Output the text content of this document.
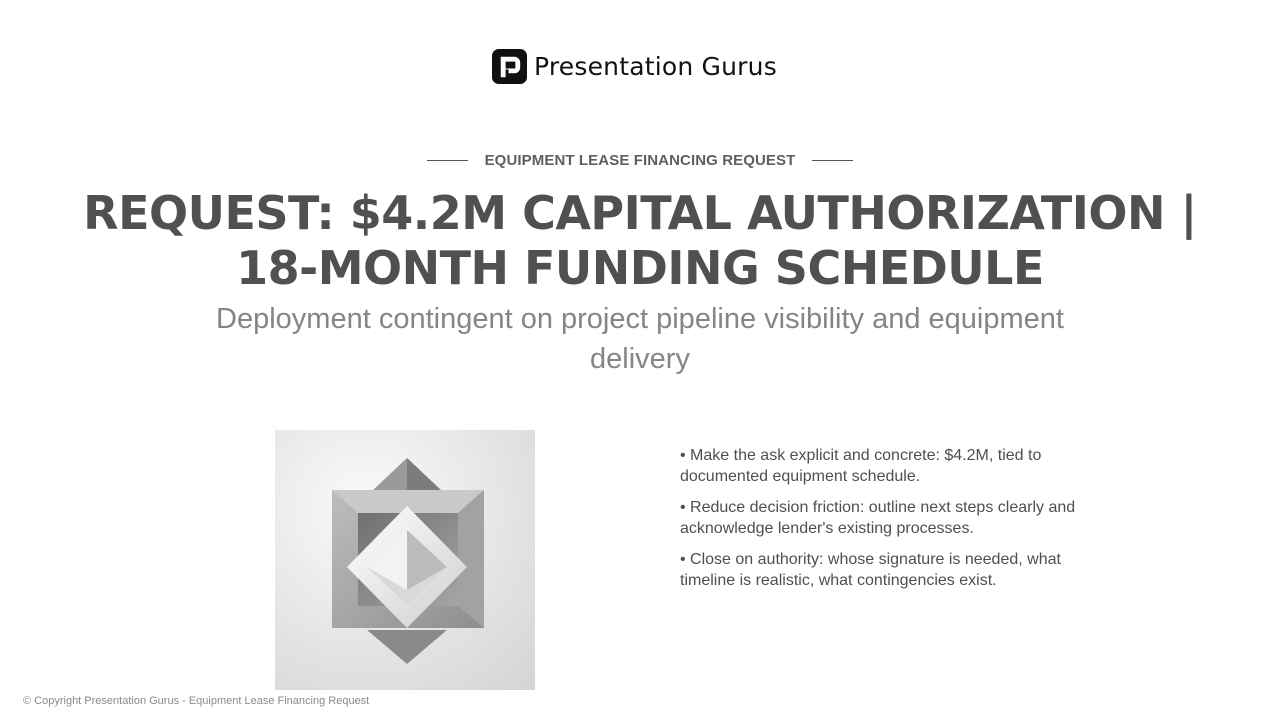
Presentation Gurus
EQUIPMENT LEASE FINANCING REQUEST
REQUEST: $4.2M CAPITAL AUTHORIZATION |
18-MONTH FUNDING SCHEDULE

Deployment contingent on project pipeline visibility and equipment delivery

• Make the ask explicit and concrete: $4.2M, tied to documented equipment schedule.
• Reduce decision friction: outline next steps clearly and acknowledge lender's existing processes.
• Close on authority: whose signature is needed, what timeline is realistic, what contingencies exist.
© Copyright Presentation Gurus - Equipment Lease Financing Request
